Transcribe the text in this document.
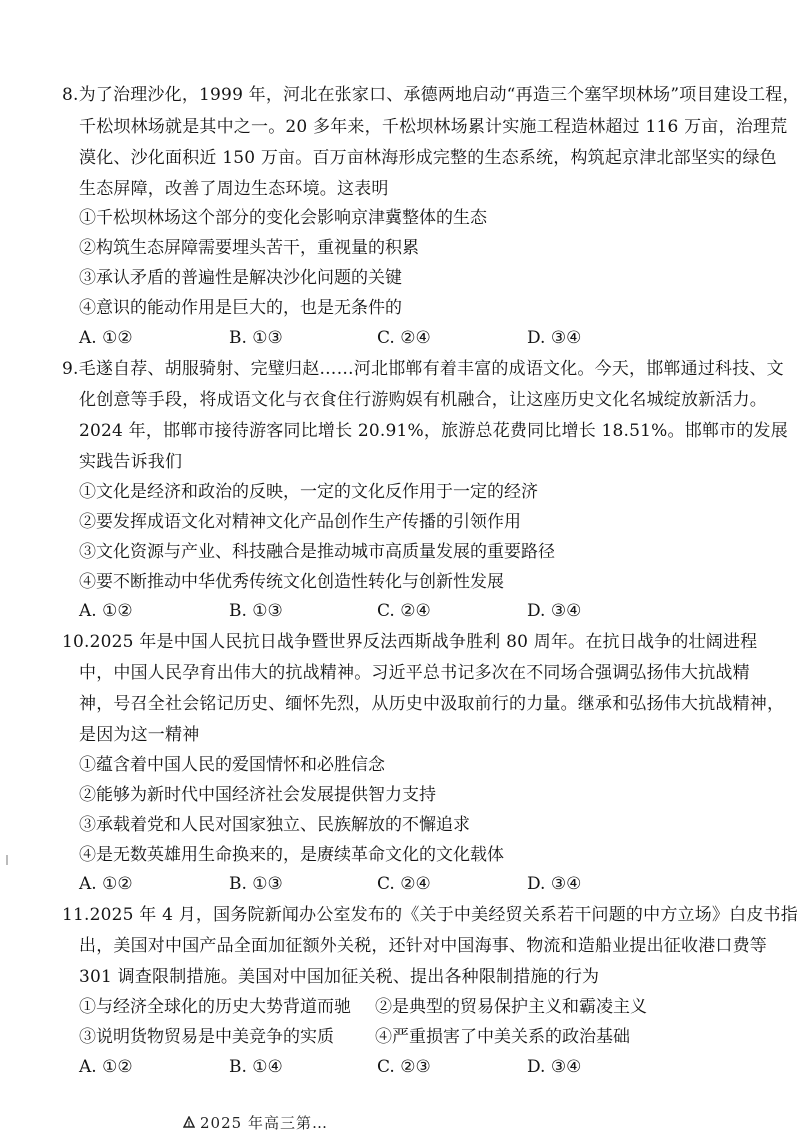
8.为了治理沙化，1999 年，河北在张家口、承德两地启动“再造三个塞罕坝林场”项目建设工程，
千松坝林场就是其中之一。20 多年来，千松坝林场累计实施工程造林超过 116 万亩，治理荒
漠化、沙化面积近 150 万亩。百万亩林海形成完整的生态系统，构筑起京津北部坚实的绿色
生态屏障，改善了周边生态环境。这表明
①千松坝林场这个部分的变化会影响京津冀整体的生态
②构筑生态屏障需要埋头苦干，重视量的积累
③承认矛盾的普遍性是解决沙化问题的关键
④意识的能动作用是巨大的，也是无条件的
A. ①②	B. ①③	C. ②④	D. ③④
9.毛遂自荐、胡服骑射、完璧归赵……河北邯郸有着丰富的成语文化。今天，邯郸通过科技、文
化创意等手段，将成语文化与衣食住行游购娱有机融合，让这座历史文化名城绽放新活力。
2024 年，邯郸市接待游客同比增长 20.91%，旅游总花费同比增长 18.51%。邯郸市的发展
实践告诉我们
①文化是经济和政治的反映，一定的文化反作用于一定的经济
②要发挥成语文化对精神文化产品创作生产传播的引领作用
③文化资源与产业、科技融合是推动城市高质量发展的重要路径
④要不断推动中华优秀传统文化创造性转化与创新性发展
A. ①②	B. ①③	C. ②④	D. ③④
10.2025 年是中国人民抗日战争暨世界反法西斯战争胜利 80 周年。在抗日战争的壮阔进程
中，中国人民孕育出伟大的抗战精神。习近平总书记多次在不同场合强调弘扬伟大抗战精
神，号召全社会铭记历史、缅怀先烈，从历史中汲取前行的力量。继承和弘扬伟大抗战精神，
是因为这一精神
①蕴含着中国人民的爱国情怀和必胜信念
②能够为新时代中国经济社会发展提供智力支持
③承载着党和人民对国家独立、民族解放的不懈追求
④是无数英雄用生命换来的，是赓续革命文化的文化载体
A. ①②	B. ①③	C. ②④	D. ③④
11.2025 年 4 月，国务院新闻办公室发布的《关于中美经贸关系若干问题的中方立场》白皮书指
出，美国对中国产品全面加征额外关税，还针对中国海事、物流和造船业提出征收港口费等
301 调查限制措施。美国对中国加征关税、提出各种限制措施的行为
①与经济全球化的历史大势背道而驰 ②是典型的贸易保护主义和霸凌主义
③说明货物贸易是中美竞争的实质 ④严重损害了中美关系的政治基础
A. ①②	B. ①④	C. ②③	D. ③④
2025 年高三第…
